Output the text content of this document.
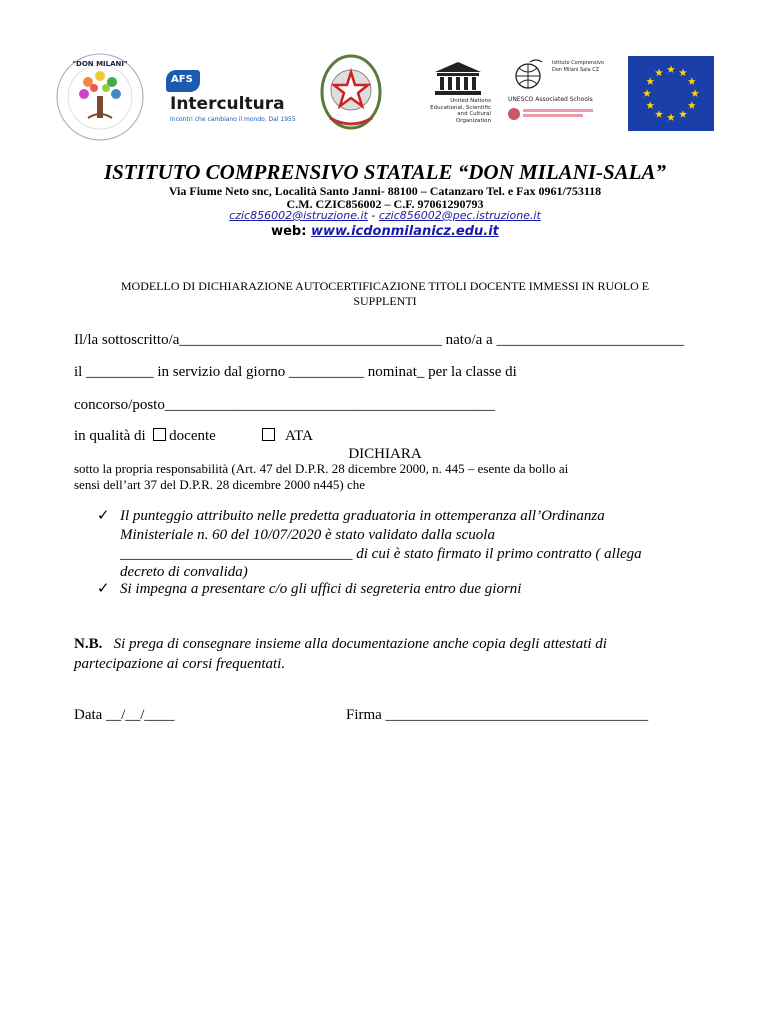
"DON MILANI"
AFS
Intercultura
Incontri che cambiano il mondo. Dal 1955
United Nations Educational, Scientific and Cultural Organization
Istituto Comprensivo Don Milani Sala CZ
UNESCO Associated Schools
ISTITUTO COMPRENSIVO STATALE “DON MILANI-SALA”
Via Fiume Neto snc, Località Santo Janni- 88100 – Catanzaro Tel. e Fax 0961/753118
C.M. CZIC856002 – C.F. 97061290793
czic856002@istruzione.it - czic856002@pec.istruzione.it
web: www.icdonmilanicz.edu.it
MODELLO DI DICHIARAZIONE AUTOCERTIFICAZIONE TITOLI DOCENTE IMMESSI IN RUOLO E SUPPLENTI
Il/la sottoscritto/a___________________________________ nato/a a _________________________
il _________ in servizio dal giorno __________ nominat_ per la classe di
concorso/posto____________________________________________
in qualità di  docente	ATA
DICHIARA
sotto la propria responsabilità (Art. 47 del D.P.R. 28 dicembre 2000, n. 445 – esente da bollo ai
sensi dell’art 37 del D.P.R. 28 dicembre 2000 n445) che
✓ Il punteggio attribuito nelle predetta graduatoria in ottemperanza all’Ordinanza
Ministeriale n. 60 del 10/07/2020 è stato validato dalla scuola
_______________________________ di cui è stato firmato il primo contratto ( allega
decreto di convalida)
✓ Si impegna a presentare c/o gli uffici di segreteria entro due giorni
N.B. Si prega di consegnare insieme alla documentazione anche copia degli attestati di partecipazione ai corsi frequentati.
Data __/__/____	Firma ___________________________________
